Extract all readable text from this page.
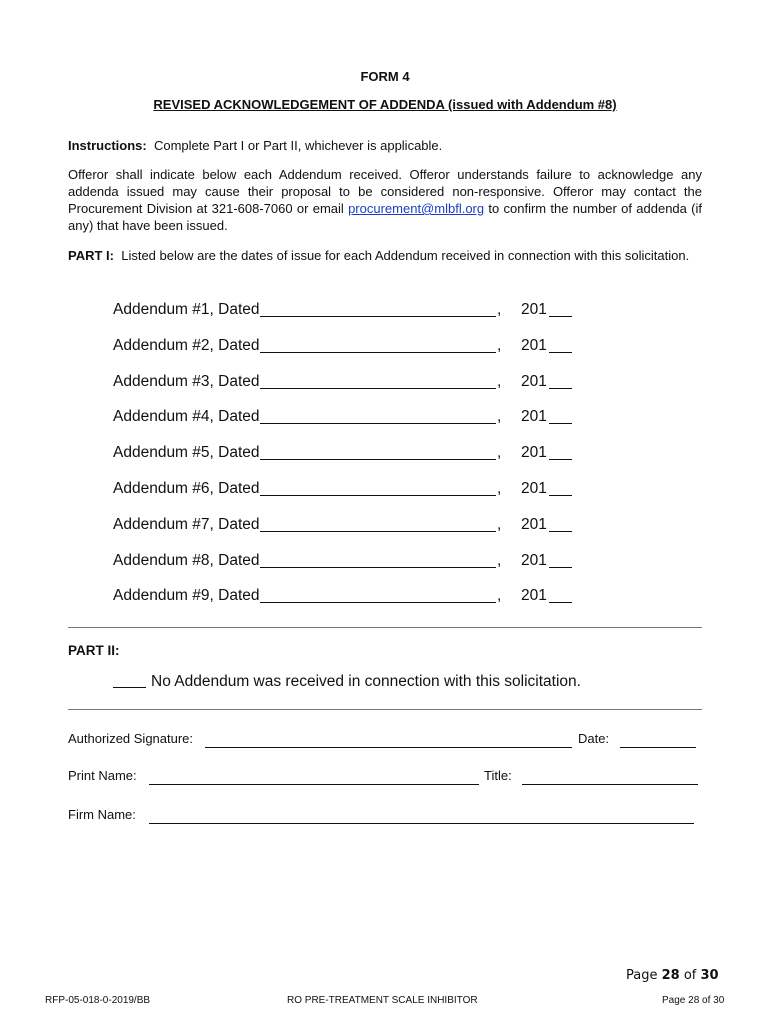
FORM 4
REVISED ACKNOWLEDGEMENT OF ADDENDA (issued with Addendum #8)
Instructions: Complete Part I or Part II, whichever is applicable.
Offeror shall indicate below each Addendum received. Offeror understands failure to acknowledge any addenda issued may cause their proposal to be considered non-responsive. Offeror may contact the Procurement Division at 321-608-7060 or email procurement@mlbfl.org to confirm the number of addenda (if any) that have been issued.
PART I: Listed below are the dates of issue for each Addendum received in connection with this solicitation.
Addendum #1, Dated	, 201
Addendum #2, Dated	, 201
Addendum #3, Dated	, 201
Addendum #4, Dated	, 201
Addendum #5, Dated	, 201
Addendum #6, Dated	, 201
Addendum #7, Dated	, 201
Addendum #8, Dated	, 201
Addendum #9, Dated	, 201
PART II:
No Addendum was received in connection with this solicitation.
Authorized Signature:	Date:
Print Name:	Title:
Firm Name:
Page 28 of 30
RFP-05-018-0-2019/BB	RO PRE-TREATMENT SCALE INHIBITOR	Page 28 of 30
